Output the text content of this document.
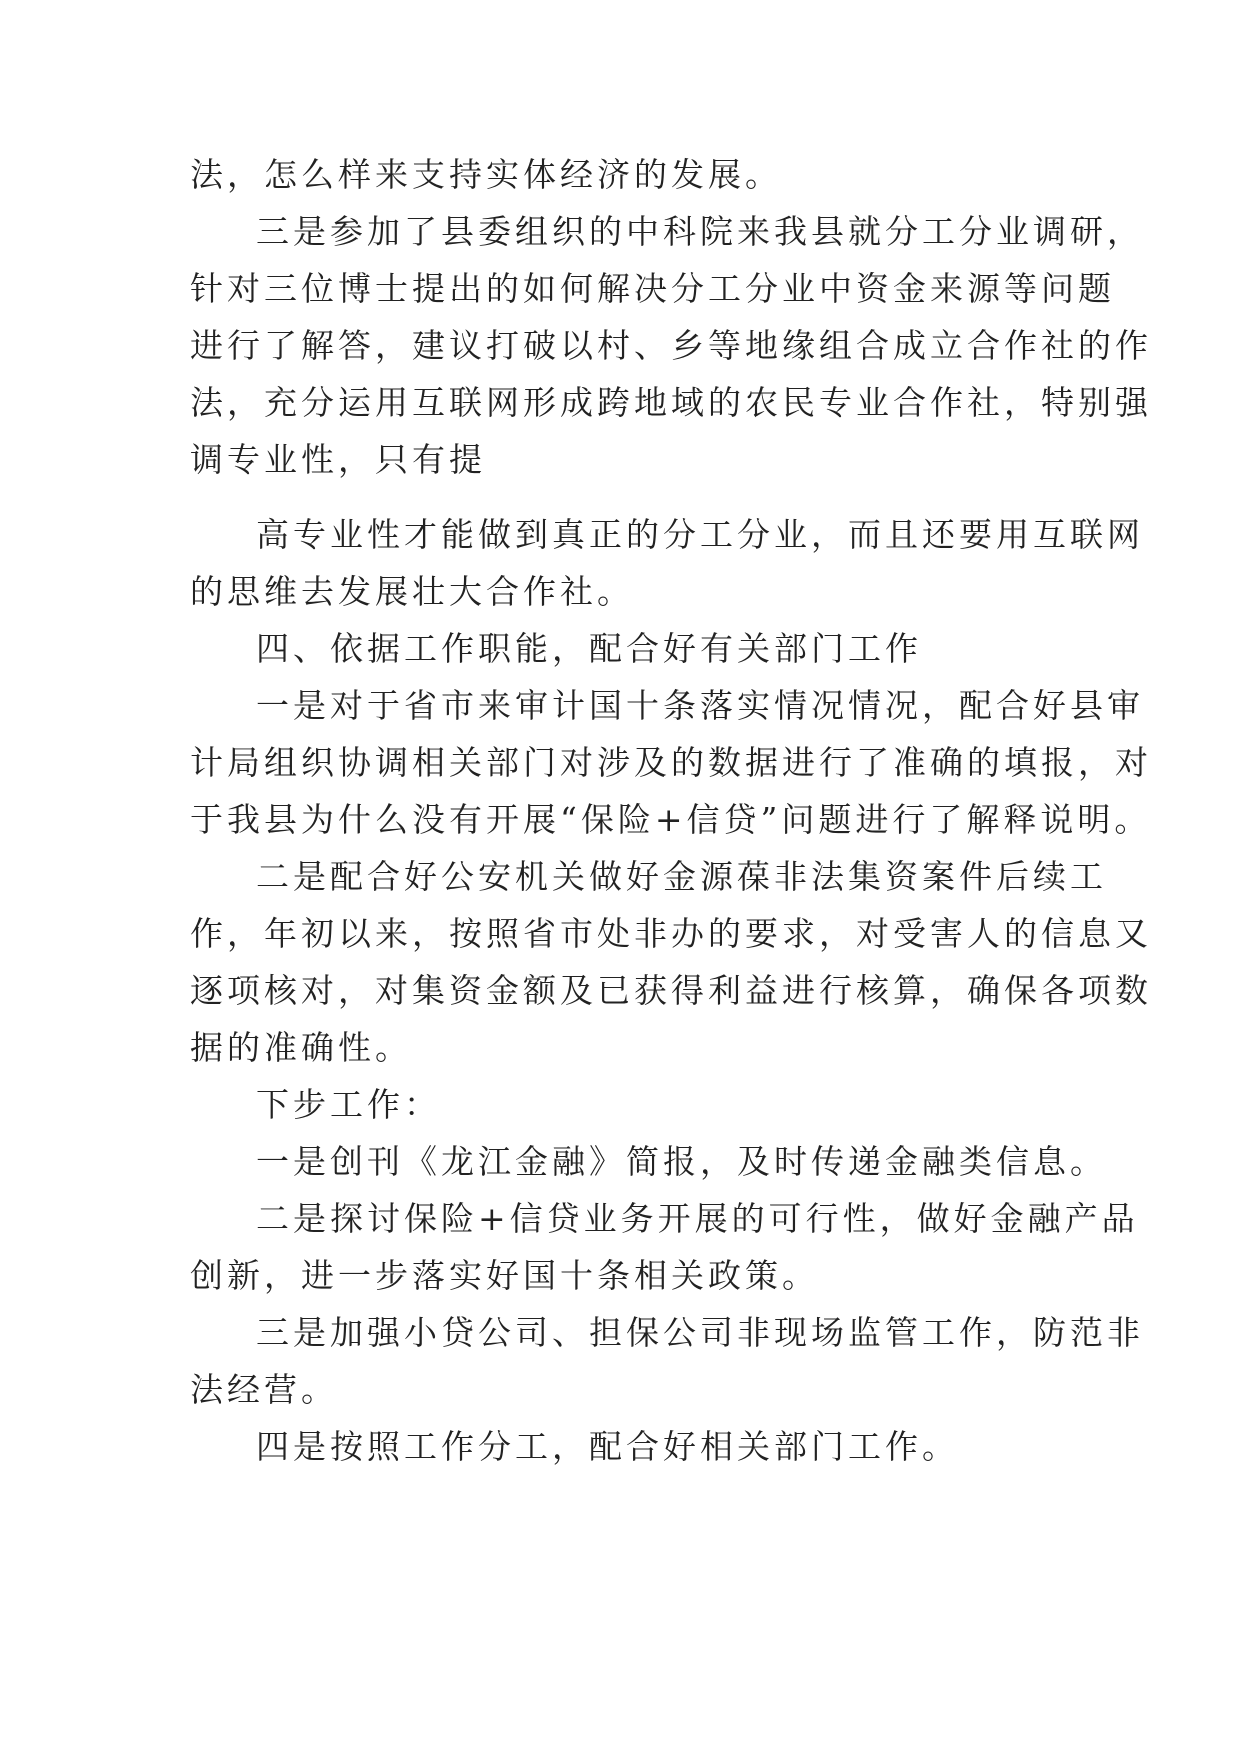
法，怎么样来支持实体经济的发展。
三是参加了县委组织的中科院来我县就分工分业调研，
针对三位博士提出的如何解决分工分业中资金来源等问题
进行了解答，建议打破以村、乡等地缘组合成立合作社的作
法，充分运用互联网形成跨地域的农民专业合作社，特别强
调专业性，只有提
高专业性才能做到真正的分工分业，而且还要用互联网
的思维去发展壮大合作社。
四、依据工作职能，配合好有关部门工作
一是对于省市来审计国十条落实情况情况，配合好县审
计局组织协调相关部门对涉及的数据进行了准确的填报，对
于我县为什么没有开展“保险+信贷”问题进行了解释说明。
二是配合好公安机关做好金源葆非法集资案件后续工
作，年初以来，按照省市处非办的要求，对受害人的信息又
逐项核对，对集资金额及已获得利益进行核算，确保各项数
据的准确性。
下步工作：
一是创刊《龙江金融》简报，及时传递金融类信息。
二是探讨保险+信贷业务开展的可行性，做好金融产品
创新，进一步落实好国十条相关政策。
三是加强小贷公司、担保公司非现场监管工作，防范非
法经营。
四是按照工作分工，配合好相关部门工作。
